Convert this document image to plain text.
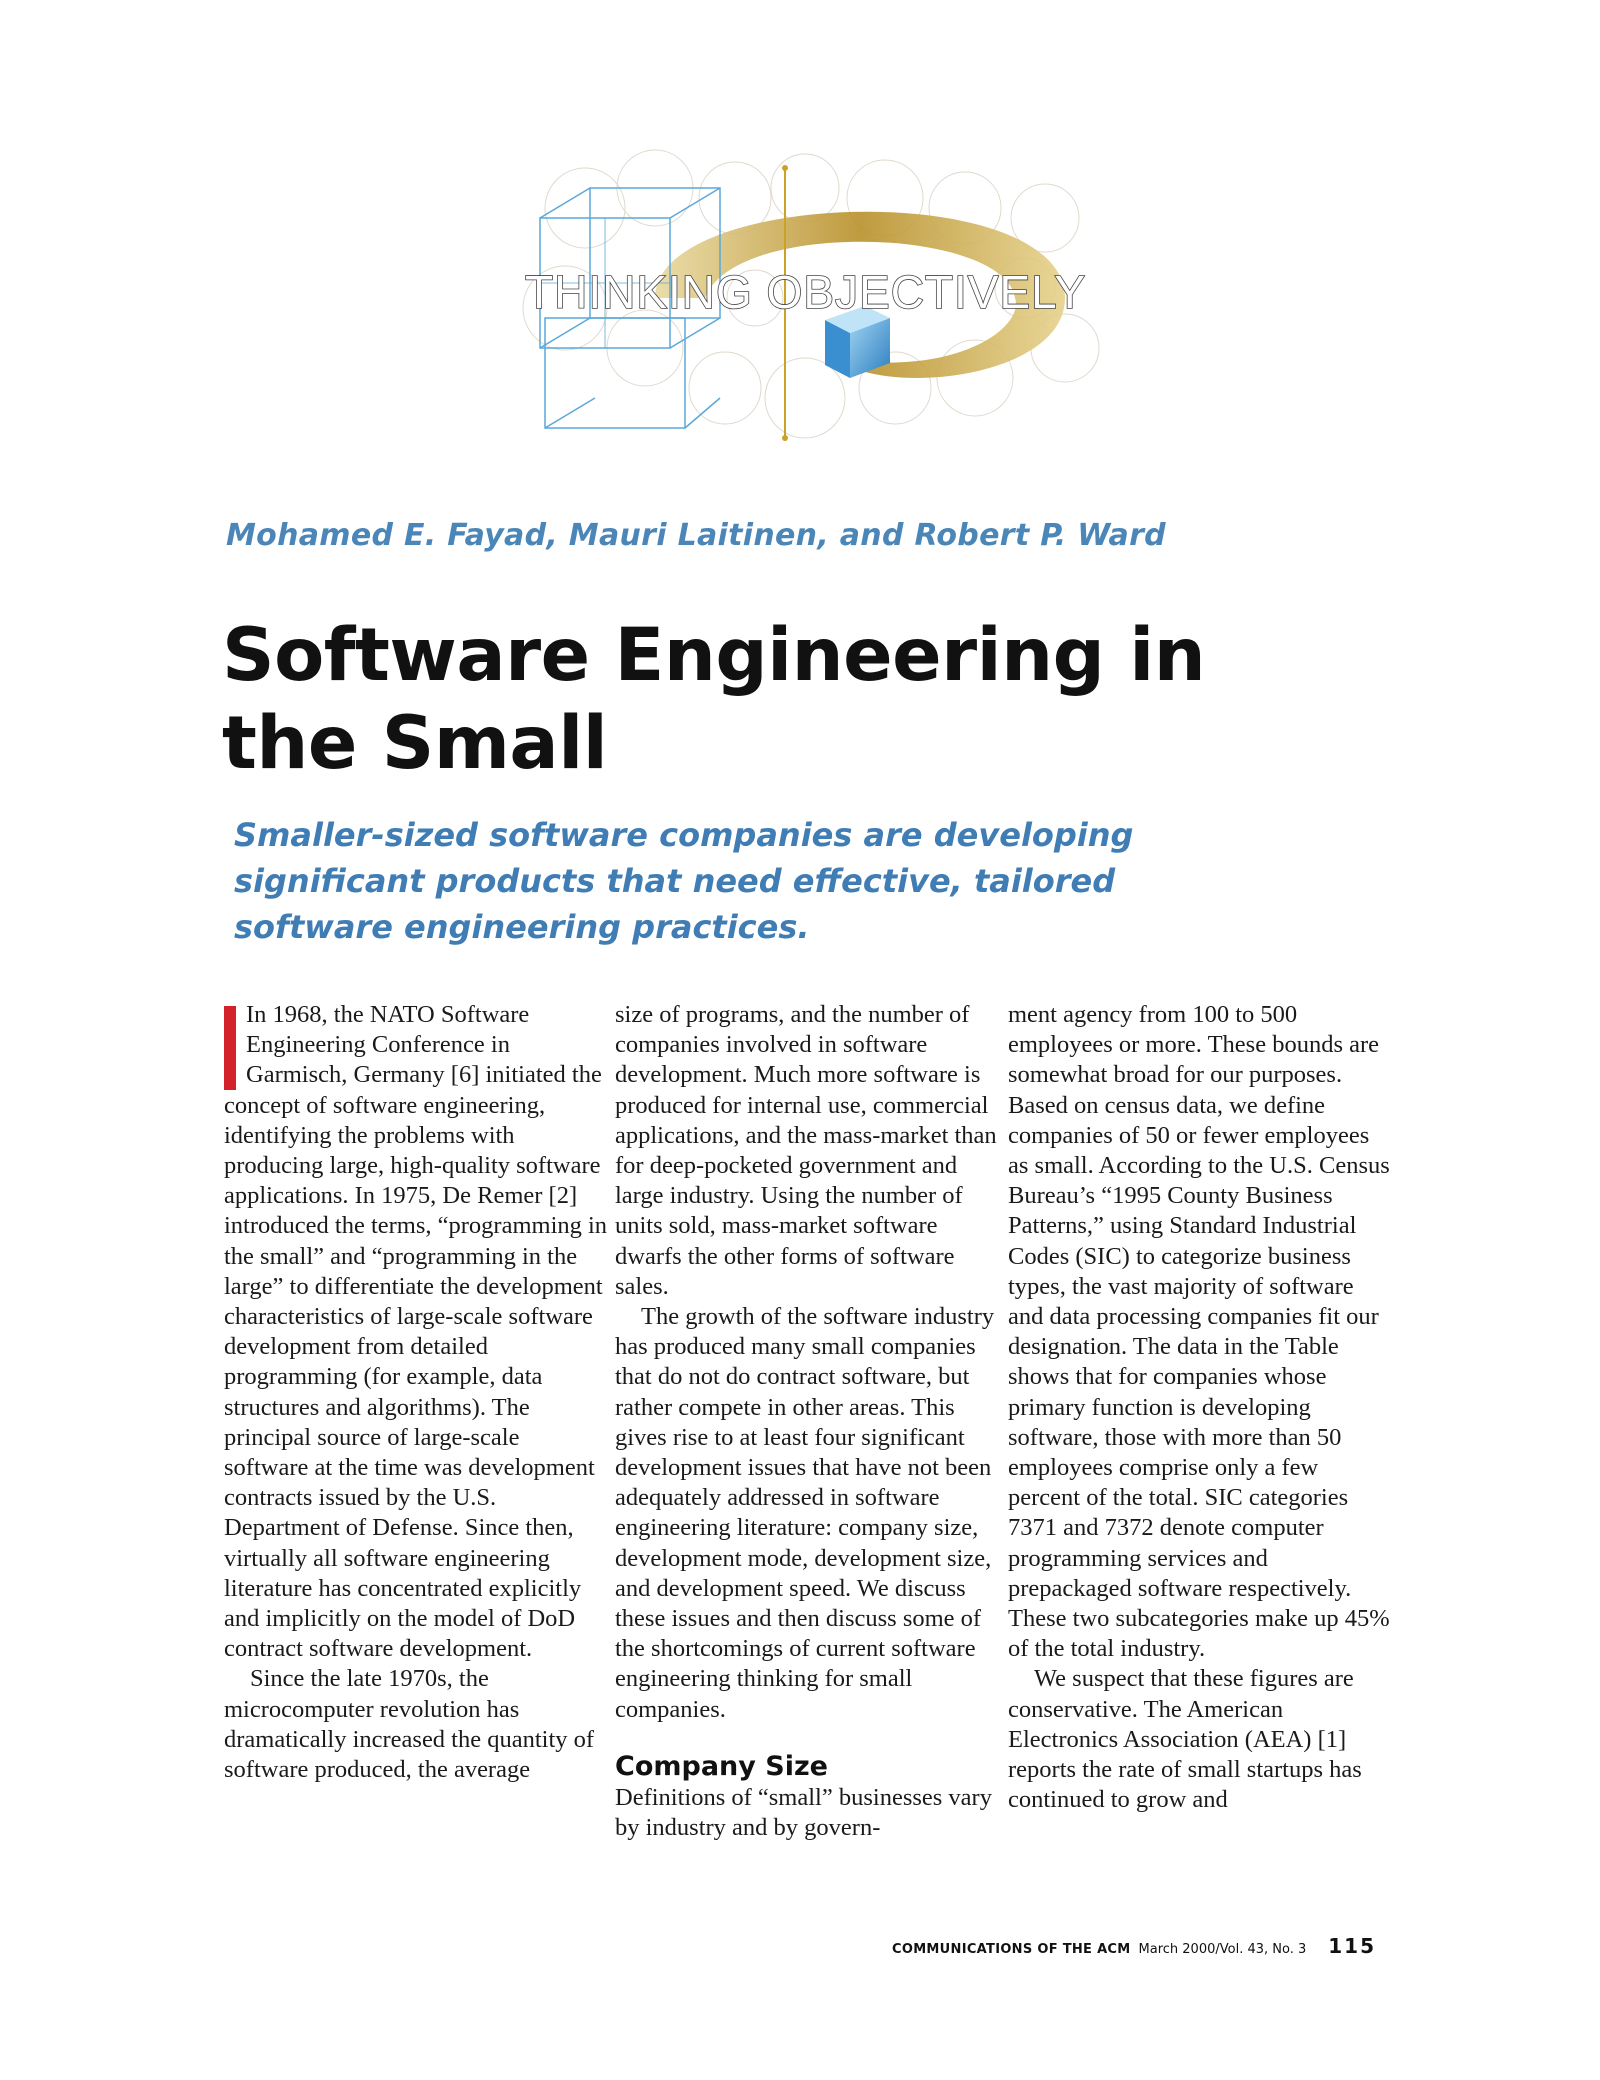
THINKING OBJECTIVELY
Mohamed E. Fayad, Mauri Laitinen, and Robert P. Ward
Software Engineering in
the Small
Smaller-sized software companies are developing significant products that need effective, tailored software engineering practices.

In 1968, the NATO Software Engineering Conference in Garmisch, Germany [6] initiated the concept of software engineering, identifying the problems with producing large, high-quality software applications. In 1975, De Remer [2] introduced the terms, “programming in the small” and “programming in the large” to differentiate the development characteristics of large-scale software development from detailed programming (for example, data structures and algorithms). The principal source of large-scale software at the time was development contracts issued by the U.S. Department of Defense. Since then, virtually all software engineering literature has concentrated explicitly and implicitly on the model of DoD contract software development.

Since the late 1970s, the microcomputer revolution has dramatically increased the quantity of software produced, the average

size of programs, and the number of companies involved in software development. Much more software is produced for internal use, commercial applications, and the mass-market than for deep-pocketed government and large industry. Using the number of units sold, mass-market software dwarfs the other forms of software sales.

The growth of the software industry has produced many small companies that do not do contract software, but rather compete in other areas. This gives rise to at least four significant development issues that have not been adequately addressed in software engineering literature: company size, development mode, development size, and development speed. We discuss these issues and then discuss some of the shortcomings of current software engineering thinking for small companies.

Company Size

Definitions of “small” businesses vary by industry and by govern-

ment agency from 100 to 500 employees or more. These bounds are somewhat broad for our purposes. Based on census data, we define companies of 50 or fewer employees as small. According to the U.S. Census Bureau’s “1995 County Business Patterns,” using Standard Industrial Codes (SIC) to categorize business types, the vast majority of software and data processing companies fit our designation. The data in the Table shows that for companies whose primary function is developing software, those with more than 50 employees comprise only a few percent of the total. SIC categories 7371 and 7372 denote computer programming services and prepackaged software respectively. These two subcategories make up 45% of the total industry.

We suspect that these figures are conservative. The American Electronics Association (AEA) [1] reports the rate of small startups has continued to grow and

COMMUNICATIONS OF THE ACM March 2000/Vol. 43, No. 3 115
